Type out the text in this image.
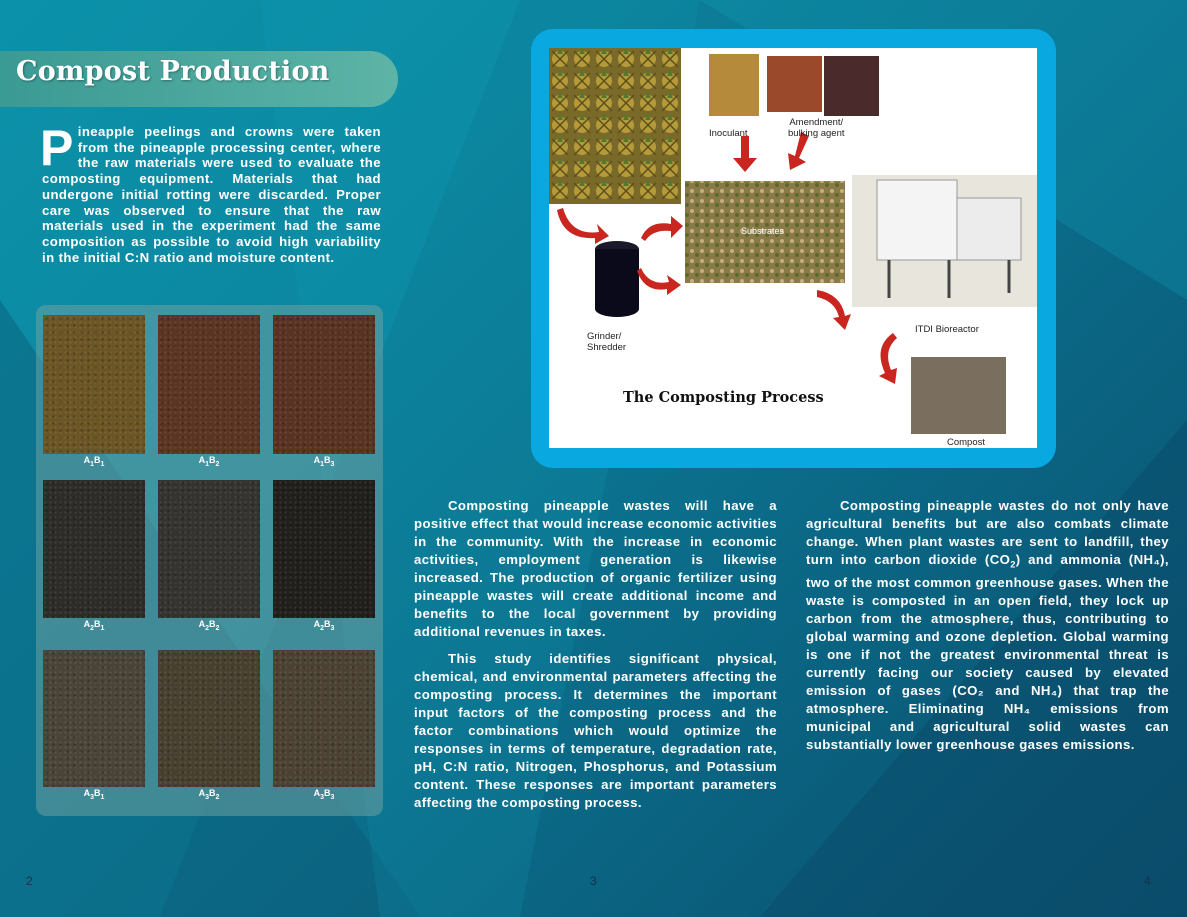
Compost Production
Pineapple peelings and crowns were taken from the pineapple processing center, where the raw materials were used to evaluate the composting equipment. Materials that had undergone initial rotting were discarded. Proper care was observed to ensure that the raw materials used in the experiment had the same composition as possible to avoid high variability in the initial C:N ratio and moisture content.
$A_1B_1$	$A_1B_2$	$A_1B_3$
$A_2B_1$	$A_2B_2$	$A_2B_3$
$A_3B_1$	$A_3B_2$	$A_3B_3$
Inoculant
Amendment/
bulking agent
Substrates
Grinder/
Shredder
ITDI Bioreactor
Compost
The Composting Process

Composting pineapple wastes will have a positive effect that would increase economic activities in the community. With the increase in economic activities, employment generation is likewise increased. The production of organic fertilizer using pineapple wastes will create additional income and benefits to the local government by providing additional revenues in taxes.

This study identifies significant physical, chemical, and environmental parameters affecting the composting process. It determines the important input factors of the composting process and the factor combinations which would optimize the responses in terms of temperature, degradation rate, pH, C:N ratio, Nitrogen, Phosphorus, and Potassium content. These responses are important parameters affecting the composting process.

Composting pineapple wastes do not only have agricultural benefits but are also combats climate change. When plant wastes are sent to landfill, they turn into carbon dioxide $(CO_2)$ and ammonia (NH₄), two of the most common greenhouse gases. When the waste is composted in an open field, they lock up carbon from the atmosphere, thus, contributing to global warming and ozone depletion. Global warming is one if not the greatest environmental threat is currently facing our society caused by elevated emission of gases (CO₂ and NH₄) that trap the atmosphere. Eliminating NH₄ emissions from municipal and agricultural solid wastes can substantially lower greenhouse gases emissions.

2	3	4
